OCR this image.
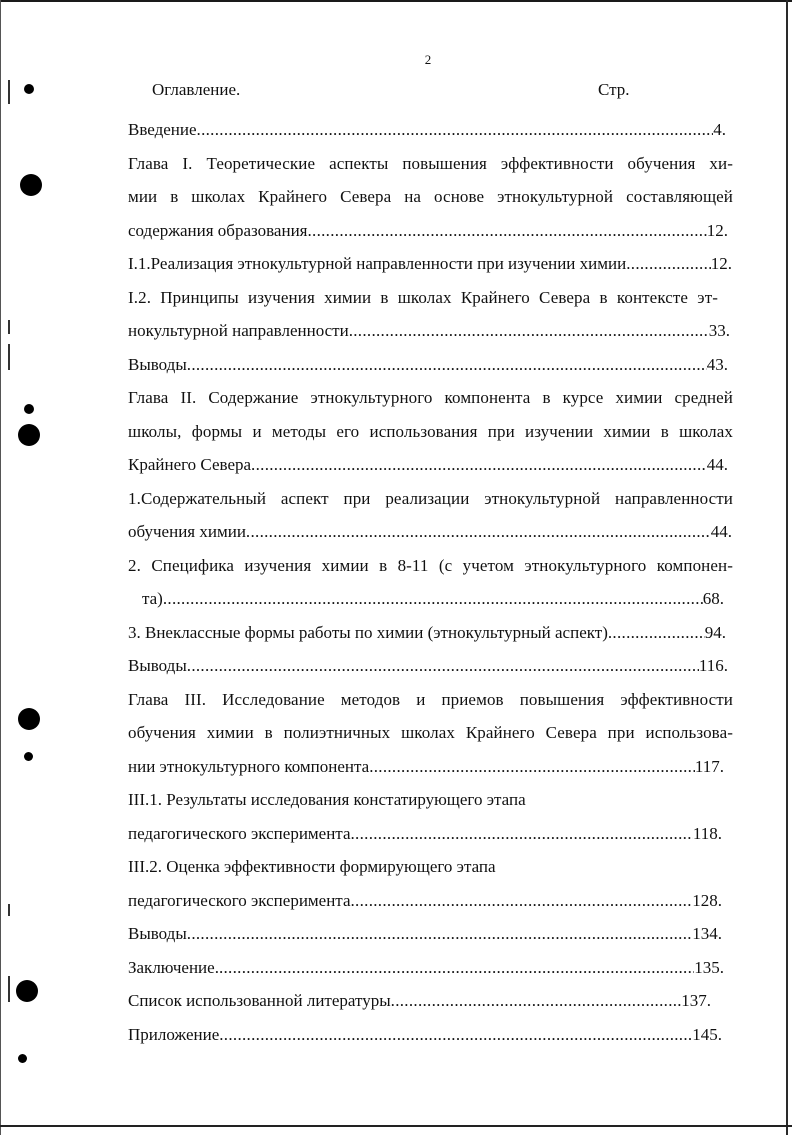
2
Оглавление.	Стр.
Введение .....	4.
Глава I. Теоретические аспекты повышения эффективности обучения хи-
мии в школах Крайнего Севера на основе этнокультурной составляющей
содержания образования .....	12.
I.1.Реализация этнокультурной направленности при изучении химии .....	12.
I.2. Принципы изучения химии в школах Крайнего Севера в контексте эт-
нокультурной направленности .....	33.
Выводы .....	43.
Глава II. Содержание этнокультурного компонента в курсе химии средней
школы, формы и методы его использования при изучении химии в школах
Крайнего Севера .....	44.
1.Содержательный аспект при реализации этнокультурной направленности
обучения химии .....	44.
2. Специфика изучения химии в 8-11 (с учетом этнокультурного компонен-
та) .....	68.
3. Внеклассные формы работы по химии (этнокультурный аспект) .....	94.
Выводы .....	116.
Глава III. Исследование методов и приемов повышения эффективности
обучения химии в полиэтничных школах Крайнего Севера при использова-
нии этнокультурного компонента .....	117.
III.1. Результаты исследования констатирующего этапа
педагогического эксперимента .....	118.
III.2. Оценка эффективности формирующего этапа
педагогического эксперимента .....	128.
Выводы .....	134.
Заключение. .....	135.
Список использованной литературы .....	137.
Приложение .....	145.
